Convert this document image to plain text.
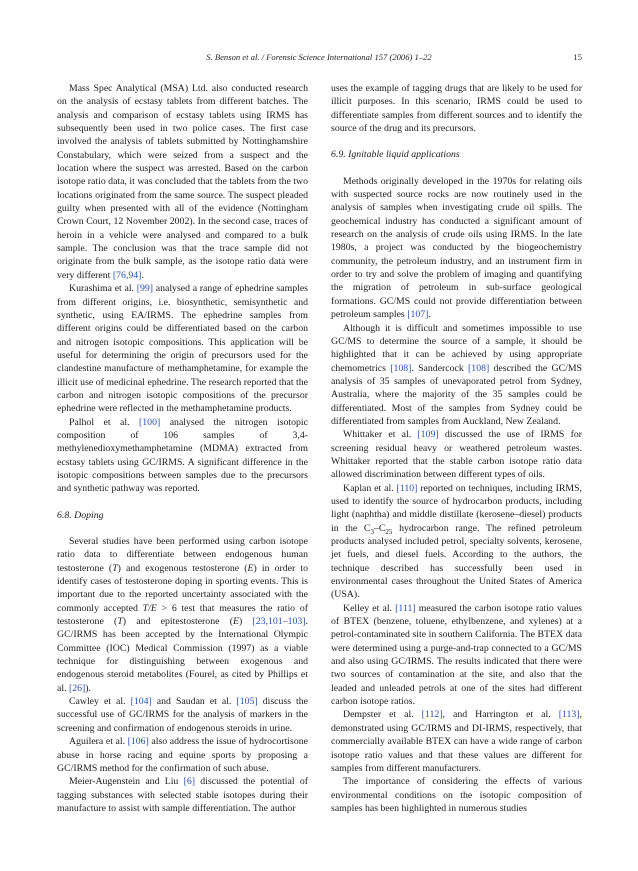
S. Benson et al. / Forensic Science International 157 (2006) 1–22	15

Mass Spec Analytical (MSA) Ltd. also conducted research on the analysis of ecstasy tablets from different batches. The analysis and comparison of ecstasy tablets using IRMS has subsequently been used in two police cases. The first case involved the analysis of tablets submitted by Nottinghamshire Constabulary, which were seized from a suspect and the location where the suspect was arrested. Based on the carbon isotope ratio data, it was concluded that the tablets from the two locations originated from the same source. The suspect pleaded guilty when presented with all of the evidence (Nottingham Crown Court, 12 November 2002). In the second case, traces of heroin in a vehicle were analysed and compared to a bulk sample. The conclusion was that the trace sample did not originate from the bulk sample, as the isotope ratio data were very different [76,94].

Kurashima et al. [99] analysed a range of ephedrine samples from different origins, i.e. biosynthetic, semisynthetic and synthetic, using EA/IRMS. The ephedrine samples from different origins could be differentiated based on the carbon and nitrogen isotopic compositions. This application will be useful for determining the origin of precursors used for the clandestine manufacture of methamphetamine, for example the illicit use of medicinal ephedrine. The research reported that the carbon and nitrogen isotopic compositions of the precursor ephedrine were reflected in the methamphetamine products.

Palhol et al. [100] analysed the nitrogen isotopic composition of 106 samples of 3,4-methylenedioxymethamphetamine (MDMA) extracted from ecstasy tablets using GC/IRMS. A significant difference in the isotopic compositions between samples due to the precursors and synthetic pathway was reported.

6.8. Doping

Several studies have been performed using carbon isotope ratio data to differentiate between endogenous human testosterone (T) and exogenous testosterone (E) in order to identify cases of testosterone doping in sporting events. This is important due to the reported uncertainty associated with the commonly accepted T/E > 6 test that measures the ratio of testosterone (T) and epitestosterone (E) [23,101–103]. GC/IRMS has been accepted by the International Olympic Committee (IOC) Medical Commission (1997) as a viable technique for distinguishing between exogenous and endogenous steroid metabolites (Fourel, as cited by Phillips et al. [26]).

Cawley et al. [104] and Saudan et al. [105] discuss the successful use of GC/IRMS for the analysis of markers in the screening and confirmation of endogenous steroids in urine.

Aguilera et al. [106] also address the issue of hydrocortisone abuse in horse racing and equine sports by proposing a GC/IRMS method for the confirmation of such abuse.

Meier-Augenstein and Liu [6] discussed the potential of tagging substances with selected stable isotopes during their manufacture to assist with sample differentiation. The author

uses the example of tagging drugs that are likely to be used for illicit purposes. In this scenario, IRMS could be used to differentiate samples from different sources and to identify the source of the drug and its precursors.

6.9. Ignitable liquid applications

Methods originally developed in the 1970s for relating oils with suspected source rocks are now routinely used in the analysis of samples when investigating crude oil spills. The geochemical industry has conducted a significant amount of research on the analysis of crude oils using IRMS. In the late 1980s, a project was conducted by the biogeochemistry community, the petroleum industry, and an instrument firm in order to try and solve the problem of imaging and quantifying the migration of petroleum in sub-surface geological formations. GC/MS could not provide differentiation between petroleum samples [107].

Although it is difficult and sometimes impossible to use GC/MS to determine the source of a sample, it should be highlighted that it can be achieved by using appropriate chemometrics [108]. Sandercock [108] described the GC/MS analysis of 35 samples of unevaporated petrol from Sydney, Australia, where the majority of the 35 samples could be differentiated. Most of the samples from Sydney could be differentiated from samples from Auckland, New Zealand.

Whittaker et al. [109] discussed the use of IRMS for screening residual heavy or weathered petroleum wastes. Whittaker reported that the stable carbon isotope ratio data allowed discrimination between different types of oils.

Kaplan et al. [110] reported on techniques, including IRMS, used to identify the source of hydrocarbon products, including light (naphtha) and middle distillate (kerosene–diesel) products in the $C_3-C_{25}$ hydrocarbon range. The refined petroleum products analysed included petrol, specialty solvents, kerosene, jet fuels, and diesel fuels. According to the authors, the technique described has successfully been used in environmental cases throughout the United States of America (USA).

Kelley et al. [111] measured the carbon isotope ratio values of BTEX (benzene, toluene, ethylbenzene, and xylenes) at a petrol-contaminated site in southern California. The BTEX data were determined using a purge-and-trap connected to a GC/MS and also using GC/IRMS. The results indicated that there were two sources of contamination at the site, and also that the leaded and unleaded petrols at one of the sites had different carbon isotope ratios.

Dempster et al. [112], and Harrington et al. [113], demonstrated using GC/IRMS and DI-IRMS, respectively, that commercially available BTEX can have a wide range of carbon isotope ratio values and that these values are different for samples from different manufacturers.

The importance of considering the effects of various environmental conditions on the isotopic composition of samples has been highlighted in numerous studies
